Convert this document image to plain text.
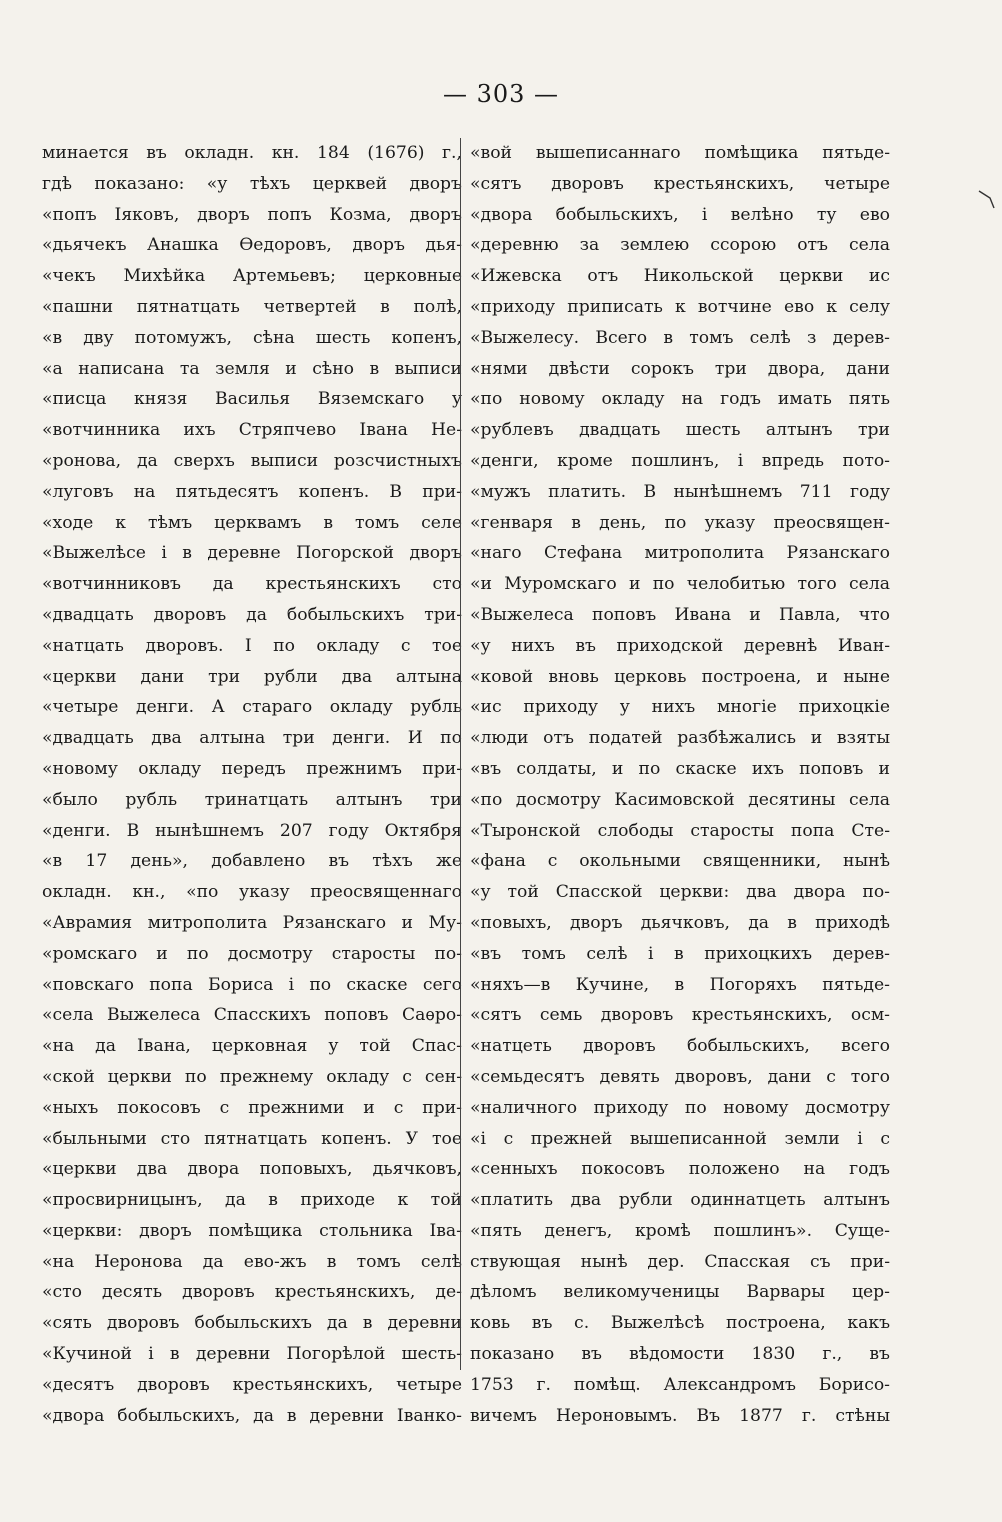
— 303 —
минается въ окладн. кн. 184 (1676) г.,
гдѣ показано: «у тѣхъ церквей дворъ
«попъ Іяковъ, дворъ попъ Козма, дворъ
«дьячекъ Анашка Ѳедоровъ, дворъ дья-
«чекъ Михѣйка Артемьевъ; церковные
«пашни пятнатцать четвертей в полѣ,
«в дву потомужъ, сѣна шесть копенъ,
«а написана та земля и сѣно в выписи
«писца князя Василья Вяземскаго у
«вотчинника ихъ Стряпчево Івана Не-
«ронова, да сверхъ выписи розсчистныхъ
«луговъ на пятьдесятъ копенъ. В при-
«ходе к тѣмъ церквамъ в томъ селе
«Выжелѣсе і в деревне Погорской дворъ
«вотчинниковъ да крестьянскихъ сто
«двадцать дворовъ да бобыльскихъ три-
«натцать дворовъ. І по окладу с тое
«церкви дани три рубли два алтына
«четыре денги. А стараго окладу рубль
«двадцать два алтына три денги. И по
«новому окладу передъ прежнимъ при-
«было рубль тринатцать алтынъ три
«денги. В нынѣшнемъ 207 году Октября
«в 17 день», добавлено въ тѣхъ же
окладн. кн., «по указу преосвященнаго
«Аврамия митрополита Рязанскаго и Му-
«ромскаго и по досмотру старосты по-
«повскаго попа Бориса і по скаске сего
«села Выжелеса Спасскихъ поповъ Саѳро-
«на да Івана, церковная у той Спас-
«ской церкви по прежнему окладу с сен-
«ныхъ покосовъ с прежними и с при-
«быльными сто пятнатцать копенъ. У тое
«церкви два двора поповыхъ, дьячковъ,
«просвирницынъ, да в приходе к той
«церкви: дворъ помѣщика стольника Іва-
«на Неронова да ево-жъ в томъ селѣ
«сто десять дворовъ крестьянскихъ, де-
«сять дворовъ бобыльскихъ да в деревни
«Кучиной і в деревни Погорѣлой шесть-
«десятъ дворовъ крестьянскихъ, четыре
«двора бобыльскихъ, да в деревни Іванко-
«вой вышеписаннаго помѣщика пятьде-
«сятъ дворовъ крестьянскихъ, четыре
«двора бобыльскихъ, і велѣно ту ево
«деревню за землею ссорою отъ села
«Ижевска отъ Никольской церкви ис
«приходу приписать к вотчине ево к селу
«Выжелесу. Всего в томъ селѣ з дерев-
«нями двѣсти сорокъ три двора, дани
«по новому окладу на годъ имать пять
«рублевъ двадцать шесть алтынъ три
«денги, кроме пошлинъ, і впредь пото-
«мужъ платить. В нынѣшнемъ 711 году
«генваря в день, по указу преосвящен-
«наго Стефана митрополита Рязанскаго
«и Муромскаго и по челобитью того села
«Выжелеса поповъ Ивана и Павла, что
«у нихъ въ приходской деревнѣ Иван-
«ковой вновь церковь построена, и ныне
«ис приходу у нихъ многіе прихоцкіе
«люди отъ податей разбѣжались и взяты
«въ солдаты, и по скаске ихъ поповъ и
«по досмотру Касимовской десятины села
«Тыронской слободы старосты попа Сте-
«фана с окольными священники, нынѣ
«у той Спасской церкви: два двора по-
«повыхъ, дворъ дьячковъ, да в приходѣ
«въ томъ селѣ і в прихоцкихъ дерев-
«няхъ—в Кучине, в Погоряхъ пятьде-
«сятъ семь дворовъ крестьянскихъ, осм-
«натцеть дворовъ бобыльскихъ, всего
«семьдесятъ девять дворовъ, дани с того
«наличного приходу по новому досмотру
«і с прежней вышеписанной земли і с
«сенныхъ покосовъ положено на годъ
«платить два рубли одиннатцеть алтынъ
«пять денегъ, кромѣ пошлинъ». Суще-
ствующая нынѣ дер. Спасская съ при-
дѣломъ великомученицы Варвары цер-
ковь въ с. Выжелѣсѣ построена, какъ
показано въ вѣдомости 1830 г., въ
1753 г. помѣщ. Александромъ Борисо-
вичемъ Нероновымъ. Въ 1877 г. стѣны
